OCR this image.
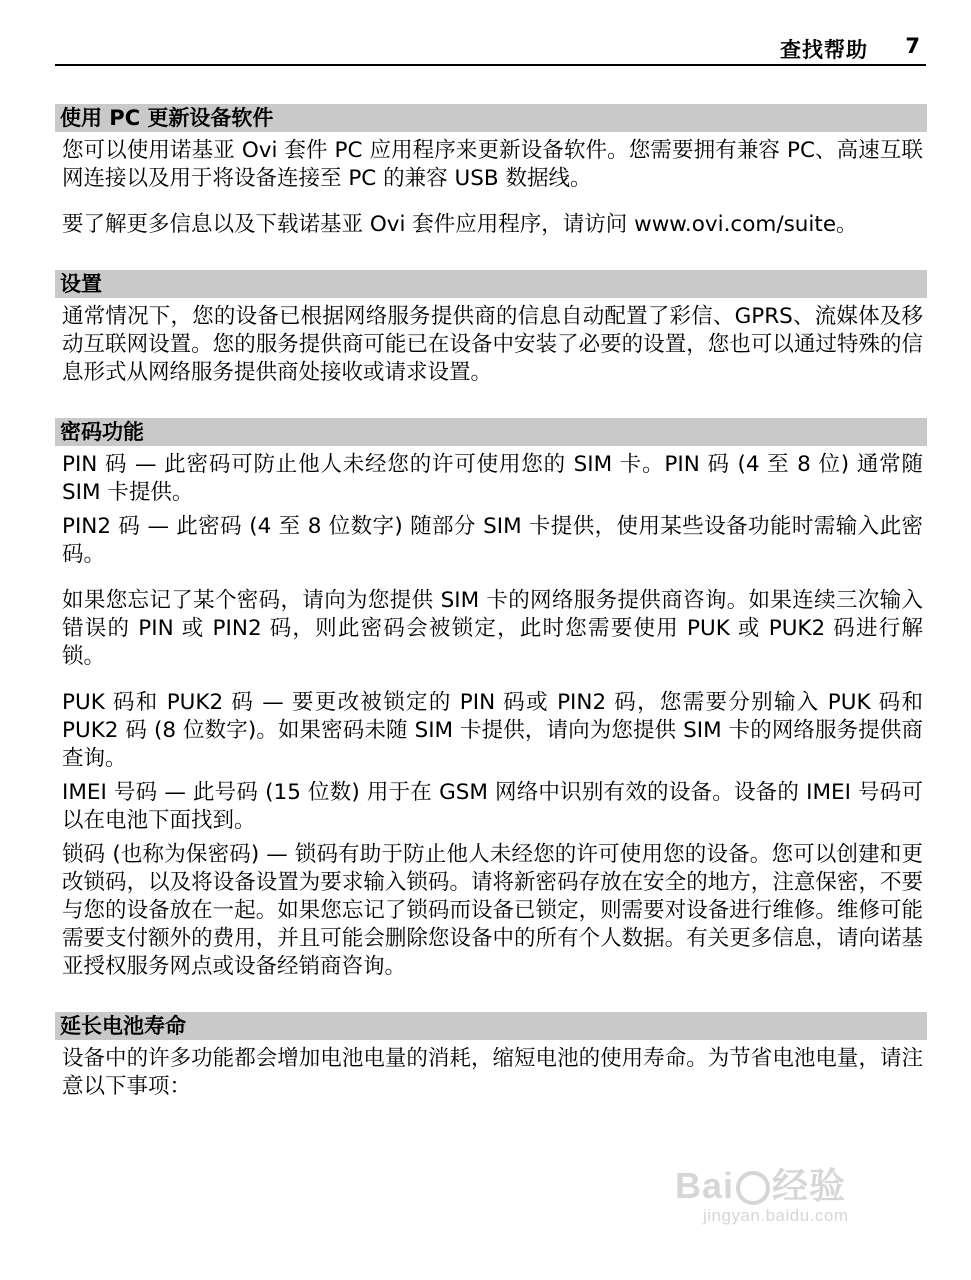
查找帮助 7
使用 PC 更新设备软件

您可以使用诺基亚 Ovi 套件 PC 应用程序来更新设备软件。您需要拥有兼容 PC、高速互联网连接以及用于将设备连接至 PC 的兼容 USB 数据线。

要了解更多信息以及下载诺基亚 Ovi 套件应用程序，请访问 www.ovi.com/suite。

设置

通常情况下，您的设备已根据网络服务提供商的信息自动配置了彩信、GPRS、流媒体及移动互联网设置。您的服务提供商可能已在设备中安装了必要的设置，您也可以通过特殊的信息形式从网络服务提供商处接收或请求设置。

密码功能

PIN 码 — 此密码可防止他人未经您的许可使用您的 SIM 卡。PIN 码 (4 至 8 位) 通常随 SIM 卡提供。

PIN2 码 — 此密码 (4 至 8 位数字) 随部分 SIM 卡提供，使用某些设备功能时需输入此密码。

如果您忘记了某个密码，请向为您提供 SIM 卡的网络服务提供商咨询。如果连续三次输入错误的 PIN 或 PIN2 码，则此密码会被锁定，此时您需要使用 PUK 或 PUK2 码进行解锁。

PUK 码和 PUK2 码 — 要更改被锁定的 PIN 码或 PIN2 码，您需要分别输入 PUK 码和 PUK2 码 (8 位数字)。如果密码未随 SIM 卡提供，请向为您提供 SIM 卡的网络服务提供商查询。

IMEI 号码 — 此号码 (15 位数) 用于在 GSM 网络中识别有效的设备。设备的 IMEI 号码可以在电池下面找到。

锁码 (也称为保密码) — 锁码有助于防止他人未经您的许可使用您的设备。您可以创建和更改锁码，以及将设备设置为要求输入锁码。请将新密码存放在安全的地方，注意保密，不要与您的设备放在一起。如果您忘记了锁码而设备已锁定，则需要对设备进行维修。维修可能需要支付额外的费用，并且可能会删除您设备中的所有个人数据。有关更多信息，请向诺基亚授权服务网点或设备经销商咨询。

延长电池寿命

设备中的许多功能都会增加电池电量的消耗，缩短电池的使用寿命。为节省电池电量，请注意以下事项：

Bai 经验
jingyan.baidu.com
